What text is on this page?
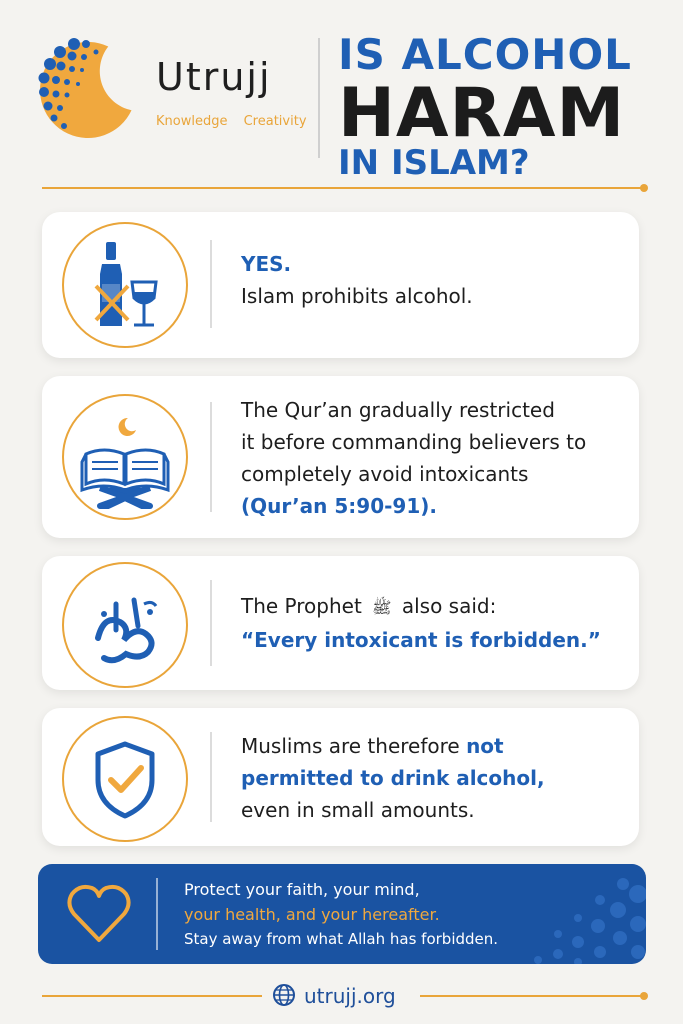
Utrujj
Knowledge Creativity
IS ALCOHOL
HARAM
IN ISLAM?
YES.
Islam prohibits alcohol.
The Qur’an gradually restricted
it before commanding believers to
completely avoid intoxicants
(Qur’an 5:90-91).
The Prophet ﷺ also said:
“Every intoxicant is forbidden.”
Muslims are therefore not
permitted to drink alcohol,
even in small amounts.
Protect your faith, your mind,
your health, and your hereafter.
Stay away from what Allah has forbidden.
utrujj.org
